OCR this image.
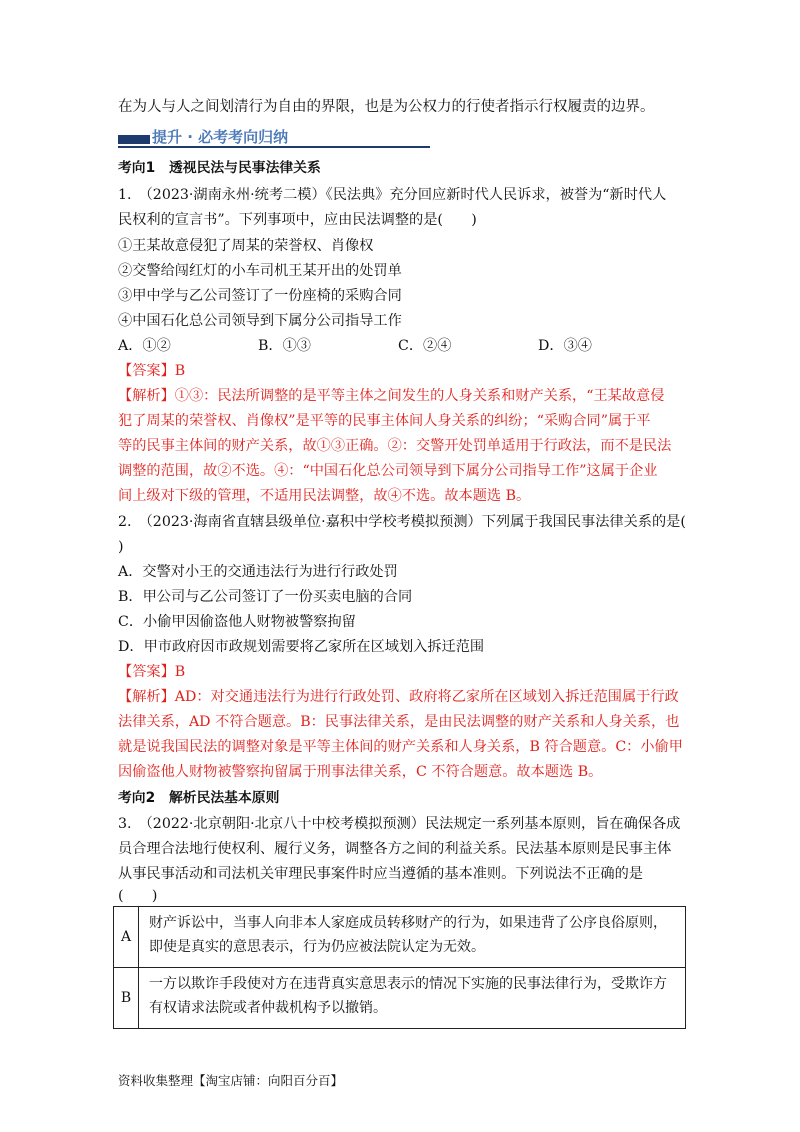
在为人与人之间划清行为自由的界限，也是为公权力的行使者指示行权履责的边界。
提升 · 必考考向归纳
考向1　透视民法与民事法律关系
1.　（2023·湖南永州·统考二模）《民法典》充分回应新时代人民诉求，被誉为“新时代人
民权利的宣言书”。下列事项中，应由民法调整的是(　　)
①王某故意侵犯了周某的荣誉权、肖像权
②交警给闯红灯的小车司机王某开出的处罚单
③甲中学与乙公司签订了一份座椅的采购合同
④中国石化总公司领导到下属分公司指导工作
A．①②	B．①③	C．②④	D．③④
【答案】B
【解析】①③：民法所调整的是平等主体之间发生的人身关系和财产关系，“王某故意侵
犯了周某的荣誉权、肖像权”是平等的民事主体间人身关系的纠纷；“采购合同”属于平
等的民事主体间的财产关系，故①③正确。②：交警开处罚单适用于行政法，而不是民法
调整的范围，故②不选。④：“中国石化总公司领导到下属分公司指导工作”这属于企业
间上级对下级的管理，不适用民法调整，故④不选。故本题选 B。
2.　（2023·海南省直辖县级单位·嘉积中学校考模拟预测）下列属于我国民事法律关系的是(
)
A．交警对小王的交通违法行为进行行政处罚
B．甲公司与乙公司签订了一份买卖电脑的合同
C．小偷甲因偷盗他人财物被警察拘留
D．甲市政府因市政规划需要将乙家所在区域划入拆迁范围
【答案】B
【解析】AD：对交通违法行为进行行政处罚、政府将乙家所在区域划入拆迁范围属于行政
法律关系，AD 不符合题意。B：民事法律关系，是由民法调整的财产关系和人身关系，也
就是说我国民法的调整对象是平等主体间的财产关系和人身关系，B 符合题意。C：小偷甲
因偷盗他人财物被警察拘留属于刑事法律关系，C 不符合题意。故本题选 B。
考向2　解析民法基本原则
3.　（2022·北京朝阳·北京八十中校考模拟预测）民法规定一系列基本原则，旨在确保各成
员合理合法地行使权利、履行义务，调整各方之间的利益关系。民法基本原则是民事主体
从事民事活动和司法机关审理民事案件时应当遵循的基本准则。下列说法不正确的是
(　　)
A	财产诉讼中，当事人向非本人家庭成员转移财产的行为，如果违背了公序良俗原则，
即使是真实的意思表示，行为仍应被法院认定为无效。

B	一方以欺诈手段使对方在违背真实意思表示的情况下实施的民事法律行为，受欺诈方
有权请求法院或者仲裁机构予以撤销。
资料收集整理【淘宝店铺：向阳百分百】
